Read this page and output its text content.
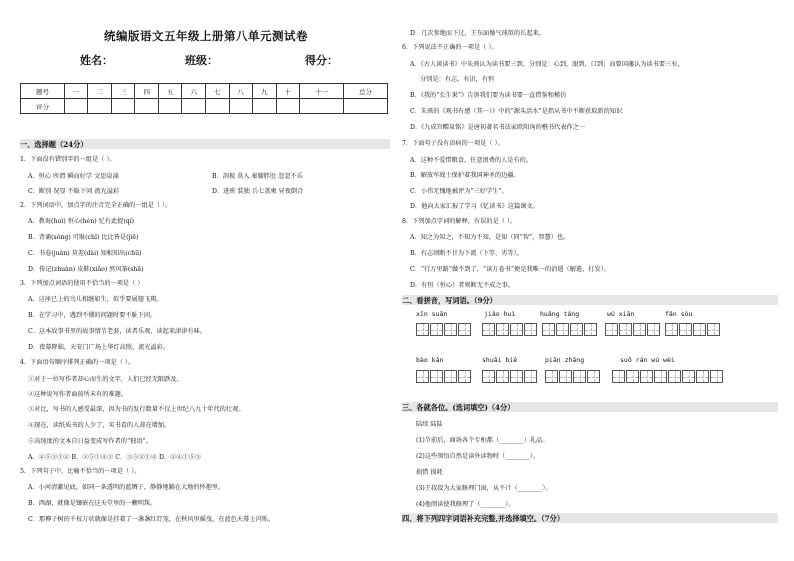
统编版语文五年级上册第八单元测试卷
姓名：	班级：	得分：
题号	一	二	三	四	五	六	七	八	九	十	十一	总分
评分												
一、选择题（24分）
1．下面没有错别字的一组是（ ）。
A．恒心 所谓 瞬而好学 文思泉涌	B．剖视 莫入 秦膝胖肚 忽忽不乐
C．断别 况显 不耻下问 流光溢彩	D．进班 装独 兵七盖柬 昼夜倒合
2．下列词语中，加点字的注音完全正确的一组是（ ）。
A．教诲(huì) 恒心(hén) 忆有此捉(qí)
B．背诵(sòng) 可耻(chǐ) 比比皆是(jiē)
C．书卷(juàn) 莫差(dài) 知相知出(chū)
D．传记(zhuàn) 皮鞋(xiǎo) 然风筝(shā)
3．下列加点词语的使用不恰当的一项是（ ）
A．这座已上的鸟儿相继如生，似乎要展翅飞翔。
B．在学习中，遇到不懂的问题时要不耻下问。
C．这本故事书里的故事情节老套，读者乐观，读起来津津有味。
D．夜幕降临，天安门广场上华灯高照，流光溢彩。
4．下面语句顺序排列正确的一项是（ ）。
①对于一位写作者却心而生的文字，人们已经无限跌及。
②这种说写作者面前所未有的难题。
③对比，写书的人感受最深，因为书的发行数量不仅上世纪八九十年代的壮观。
④现在，读纸质书的人少了，买书看的人却在增加。
⑤高纯度的文本自日益变成写作者的“独语”。
A．④⑤③①② B．②⑤①④③ C．③⑤②①④ D．②④①⑤③
5．下列句子中，比喻不恰当的一项是（ ）。
A．小河清激见底，如同一条透明的蓝绸子，静静地躺在大地的怀抱里。
B．西湖，就像是镶嵌在这天堂里的一颗明珠。
C．那柳子树的千枝万状就像是挂着了一盏盏红灯笼，在秋风里摇曳，在蓝色天幕上闪烁。
D．几次参地而下过，王东面像气球似的长起来。
6．下列说法不正确的一项是（ ）。
A．《古人谈读书》中朱熹认为读书要三到，分别是：心到，眼到，口到；而曾国藩认为读书要三有，
分别是：有志，有识，有恒
B．《我的“长生果”》告诉我们要为读书要一直借鉴和模仿
C．朱熹的《观书有感（其一）》中的“源头活水”是指从书中不断获取新的知识
D．《九成宫醴泉铭》是唐初著名书法家欧阳询的楷书代表作之一
7．下面句子没有语病的一项是（ ）。
A．这种不爱惜粮食，任意浪费的人是有的。
B．解放军战士保护着我国神圣的边疆。
C．小伟无愧地被评为“三好学生”。
D．他向大家汇报了学习《忆读书》这篇课文。
8．下列加点字词的解释，有误的是（ ）。
A．知之为知之，不知为不知，是知（同“智”，智慧）也。
B．有志则断不甘为下流（下等、劣等）。
C．“行万里路”做不到了，“读万卷书”便是我唯一的消遣（解遣，打发）。
D．有恒（恒心）者则断无不成之事。
二、看拼音，写词语。（9分）
xīn suān	jiào huì	huǎng táng	wú xiān	fǎn sòu
bào kān	shuǎi biě	piān zhāng	suō rán wú wèi
三、各就各位。(选词填空)（4分）
陆续 陆陆
(1)节前后，商场各个专柜都（________）礼品。
(2)这些领悟自然是读外读物时（________）。
损惜 损耗
(3)王叔叔为大家修理门窗，从不计（________）。
(4)他阅读使我修理了（________）。
四、将下列四字词语补充完整,并选择填空。（7分）
